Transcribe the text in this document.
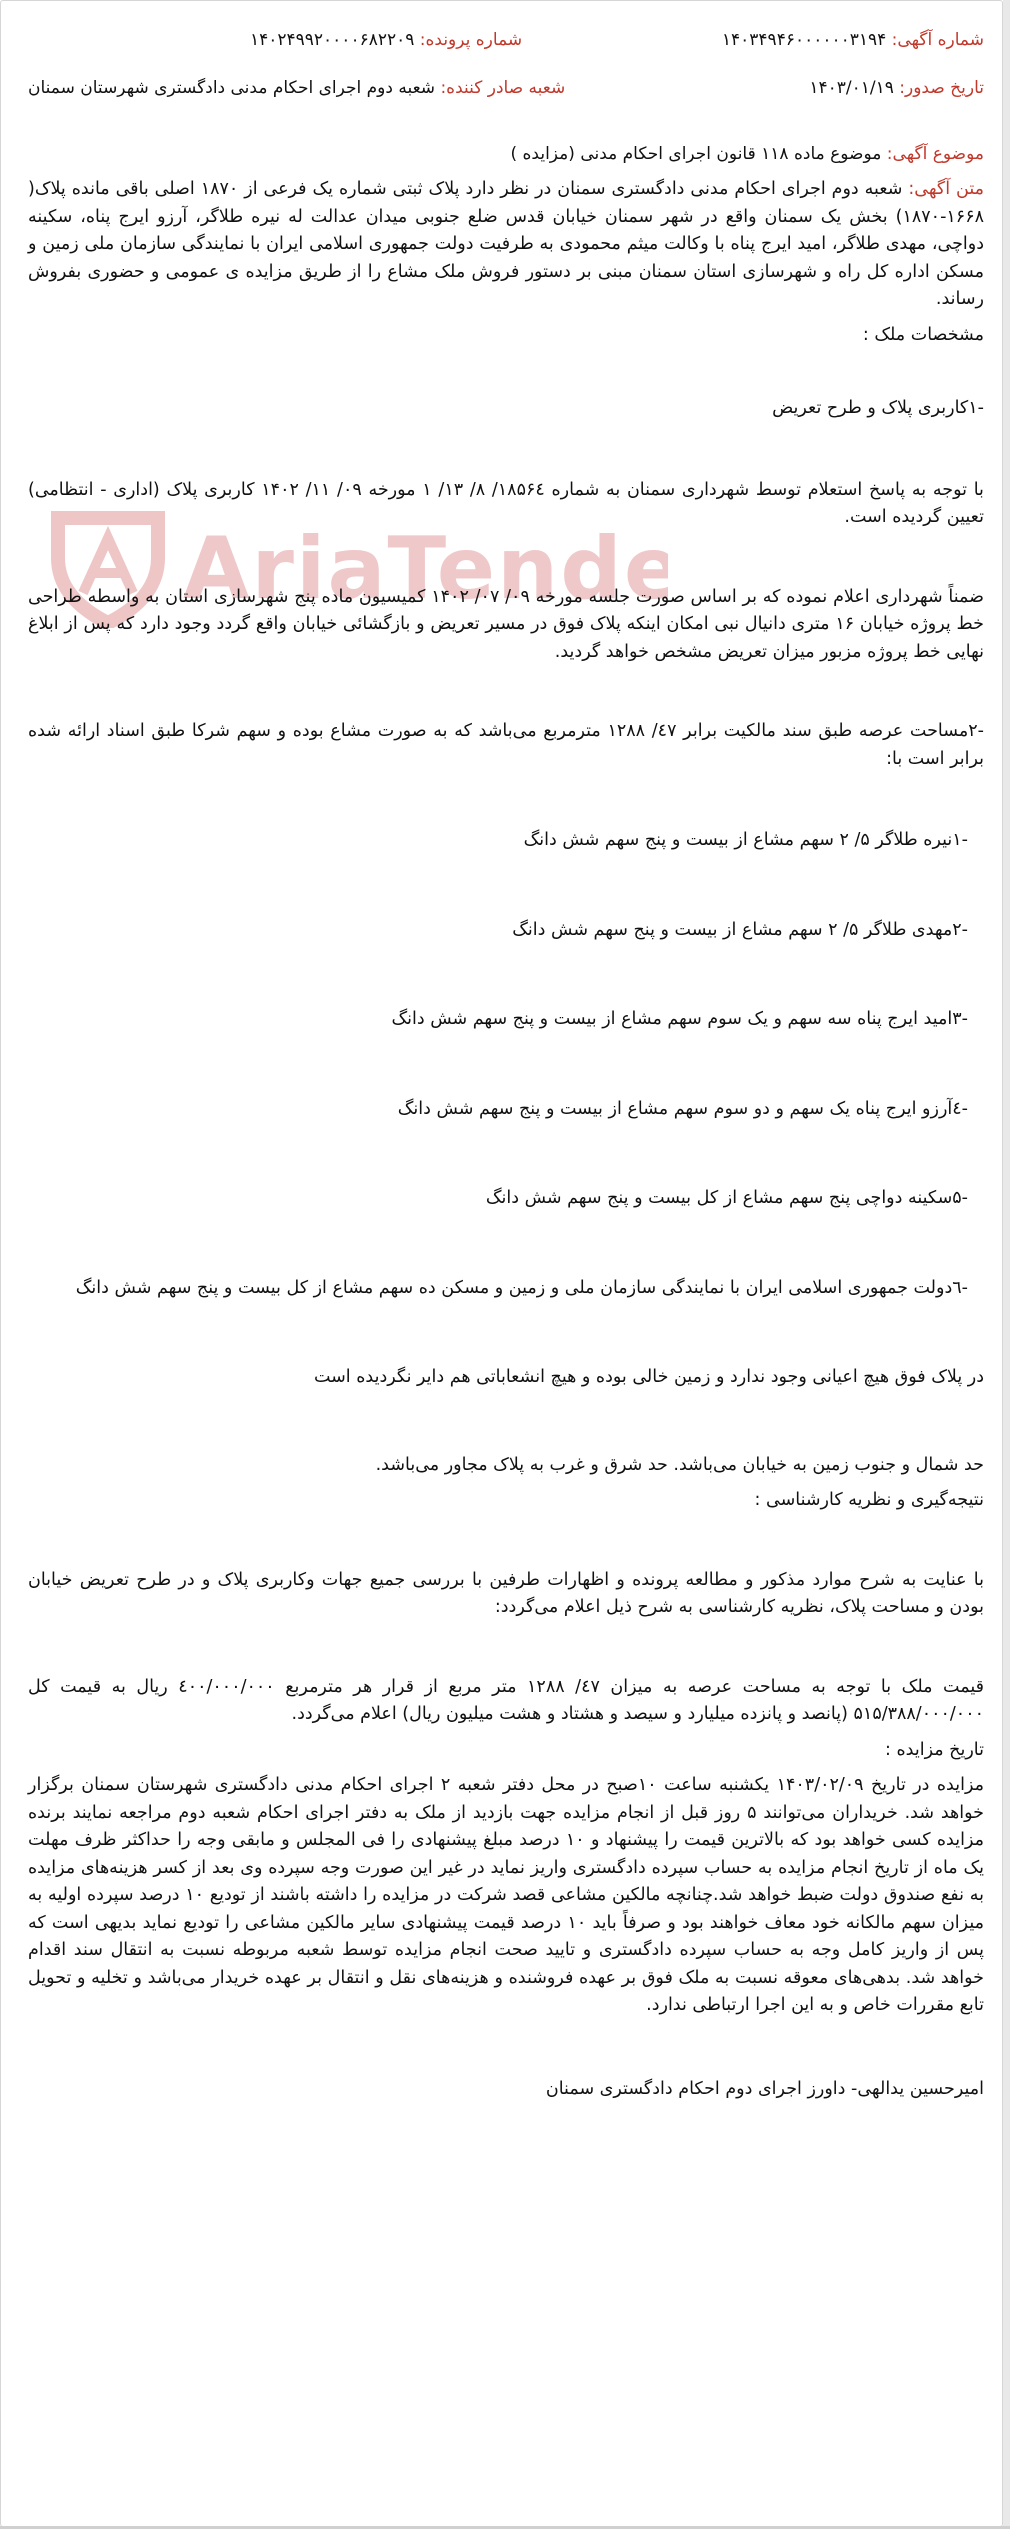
AriaTende
شماره آگهی: ۱۴۰۳۴۹۴۶۰۰۰۰۰۰۳۱۹۴
شماره پرونده: ۱۴۰۲۴۹۹۲۰۰۰۰۶۸۲۲۰۹
تاریخ صدور: ۱۴۰۳/۰۱/۱۹
شعبه صادر کننده: شعبه دوم اجرای احکام مدنی دادگستری شهرستان سمنان
موضوع آگهی: موضوع ماده ۱۱۸ قانون اجرای احکام مدنی (مزایده )
متن آگهی: شعبه دوم اجرای احکام مدنی دادگستری سمنان در نظر دارد پلاک ثبتی شماره یک فرعی از ۱۸۷۰ اصلی باقی مانده پلاک( ۱۶۶۸-۱۸۷۰) بخش یک سمنان واقع در شهر سمنان خیابان قدس ضلع جنوبی میدان عدالت له نیره طلاگر، آرزو ایرج پناه، سکینه دواچی، مهدی طلاگر، امید ایرج پناه با وکالت میثم محمودی به طرفیت دولت جمهوری اسلامی ایران با نمایندگی سازمان ملی زمین و مسکن اداره کل راه و شهرسازی استان سمنان مبنی بر دستور فروش ملک مشاع را از طریق مزایده ی عمومی و حضوری بفروش رساند.
مشخصات ملک :
-۱کاربری پلاک و طرح تعریض
با توجه به پاسخ استعلام توسط شهرداری سمنان به شماره ۱۸۵۶٤/ ۸/ ۱۳/ ۱ مورخه ۰۹/ ۱۱/ ۱۴۰۲ کاربری پلاک (اداری - انتظامی) تعیین گردیده است.
ضمناً شهرداری اعلام نموده که بر اساس صورت جلسه مورخه ۰۹/ ۰۷/ ۱۴۰۲ کمیسیون ماده پنج شهرسازی استان به واسطه طراحی خط پروژه خیابان ۱۶ متری دانیال نبی امکان اینکه پلاک فوق در مسیر تعریض و بازگشائی خیابان واقع گردد وجود دارد که پس از ابلاغ نهایی خط پروژه مزبور میزان تعریض مشخص خواهد گردید.
-۲مساحت عرصه طبق سند مالکیت برابر ٤۷/ ۱۲۸۸ مترمربع می‌باشد که به صورت مشاع بوده و سهم شرکا طبق اسناد ارائه شده برابر است با:
-۱نیره طلاگر ۵/ ۲ سهم مشاع از بیست و پنج سهم شش دانگ
-۲مهدی طلاگر ۵/ ۲ سهم مشاع از بیست و پنج سهم شش دانگ
-۳امید ایرج پناه سه سهم و یک سوم سهم مشاع از بیست و پنج سهم شش دانگ
-٤آرزو ایرج پناه یک سهم و دو سوم سهم مشاع از بیست و پنج سهم شش دانگ
-۵سکینه دواچی پنج سهم مشاع از کل بیست و پنج سهم شش دانگ
-٦دولت جمهوری اسلامی ایران با نمایندگی سازمان ملی و زمین و مسکن ده سهم مشاع از کل بیست و پنج سهم شش دانگ
در پلاک فوق هیچ اعیانی وجود ندارد و زمین خالی بوده و هیچ انشعاباتی هم دایر نگردیده است
حد شمال و جنوب زمین به خیابان می‌باشد. حد شرق و غرب به پلاک مجاور می‌باشد.
نتیجه‌گیری و نظریه کارشناسی :
با عنایت به شرح موارد مذکور و مطالعه پرونده و اظهارات طرفین با بررسی جمیع جهات وکاربری پلاک و در طرح تعریض خیابان بودن و مساحت پلاک، نظریه کارشناسی به شرح ذیل اعلام می‌گردد:
قیمت ملک با توجه به مساحت عرصه به میزان ٤۷/ ۱۲۸۸ متر مربع از قرار هر مترمربع ٤۰۰/۰۰۰/۰۰۰ ریال به قیمت کل ۵۱۵/۳۸۸/۰۰۰/۰۰۰ (پانصد و پانزده میلیارد و سیصد و هشتاد و هشت میلیون ریال) اعلام می‌گردد.
تاریخ مزایده :
مزایده در تاریخ ۱۴۰۳/۰۲/۰۹ یکشنبه ساعت ۱۰صبح در محل دفتر شعبه ۲ اجرای احکام مدنی دادگستری شهرستان سمنان برگزار خواهد شد. خریداران می‌توانند ۵ روز قبل از انجام مزایده جهت بازدید از ملک به دفتر اجرای احکام شعبه دوم مراجعه نمایند برنده مزایده کسی خواهد بود که بالاترین قیمت را پیشنهاد و ۱۰ درصد مبلغ پیشنهادی را فی المجلس و مابقی وجه را حداکثر ظرف مهلت یک ماه از تاریخ انجام مزایده به حساب سپرده دادگستری واریز نماید در غیر این صورت وجه سپرده وی بعد از کسر هزینه‌های مزایده به نفع صندوق دولت ضبط خواهد شد.چنانچه مالکین مشاعی قصد شرکت در مزایده را داشته باشند از تودیع ۱۰ درصد سپرده اولیه به میزان سهم مالکانه خود معاف خواهند بود و صرفاً باید ۱۰ درصد قیمت پیشنهادی سایر مالکین مشاعی را تودیع نماید بدیهی است که پس از واریز کامل وجه به حساب سپرده دادگستری و تایید صحت انجام مزایده توسط شعبه مربوطه نسبت به انتقال سند اقدام خواهد شد. بدهی‌های معوقه نسبت به ملک فوق بر عهده فروشنده و هزینه‌های نقل و انتقال بر عهده خریدار می‌باشد و تخلیه و تحویل تابع مقررات خاص و به این اجرا ارتباطی ندارد.
امیرحسین یدالهی- داورز اجرای دوم احکام دادگستری سمنان
